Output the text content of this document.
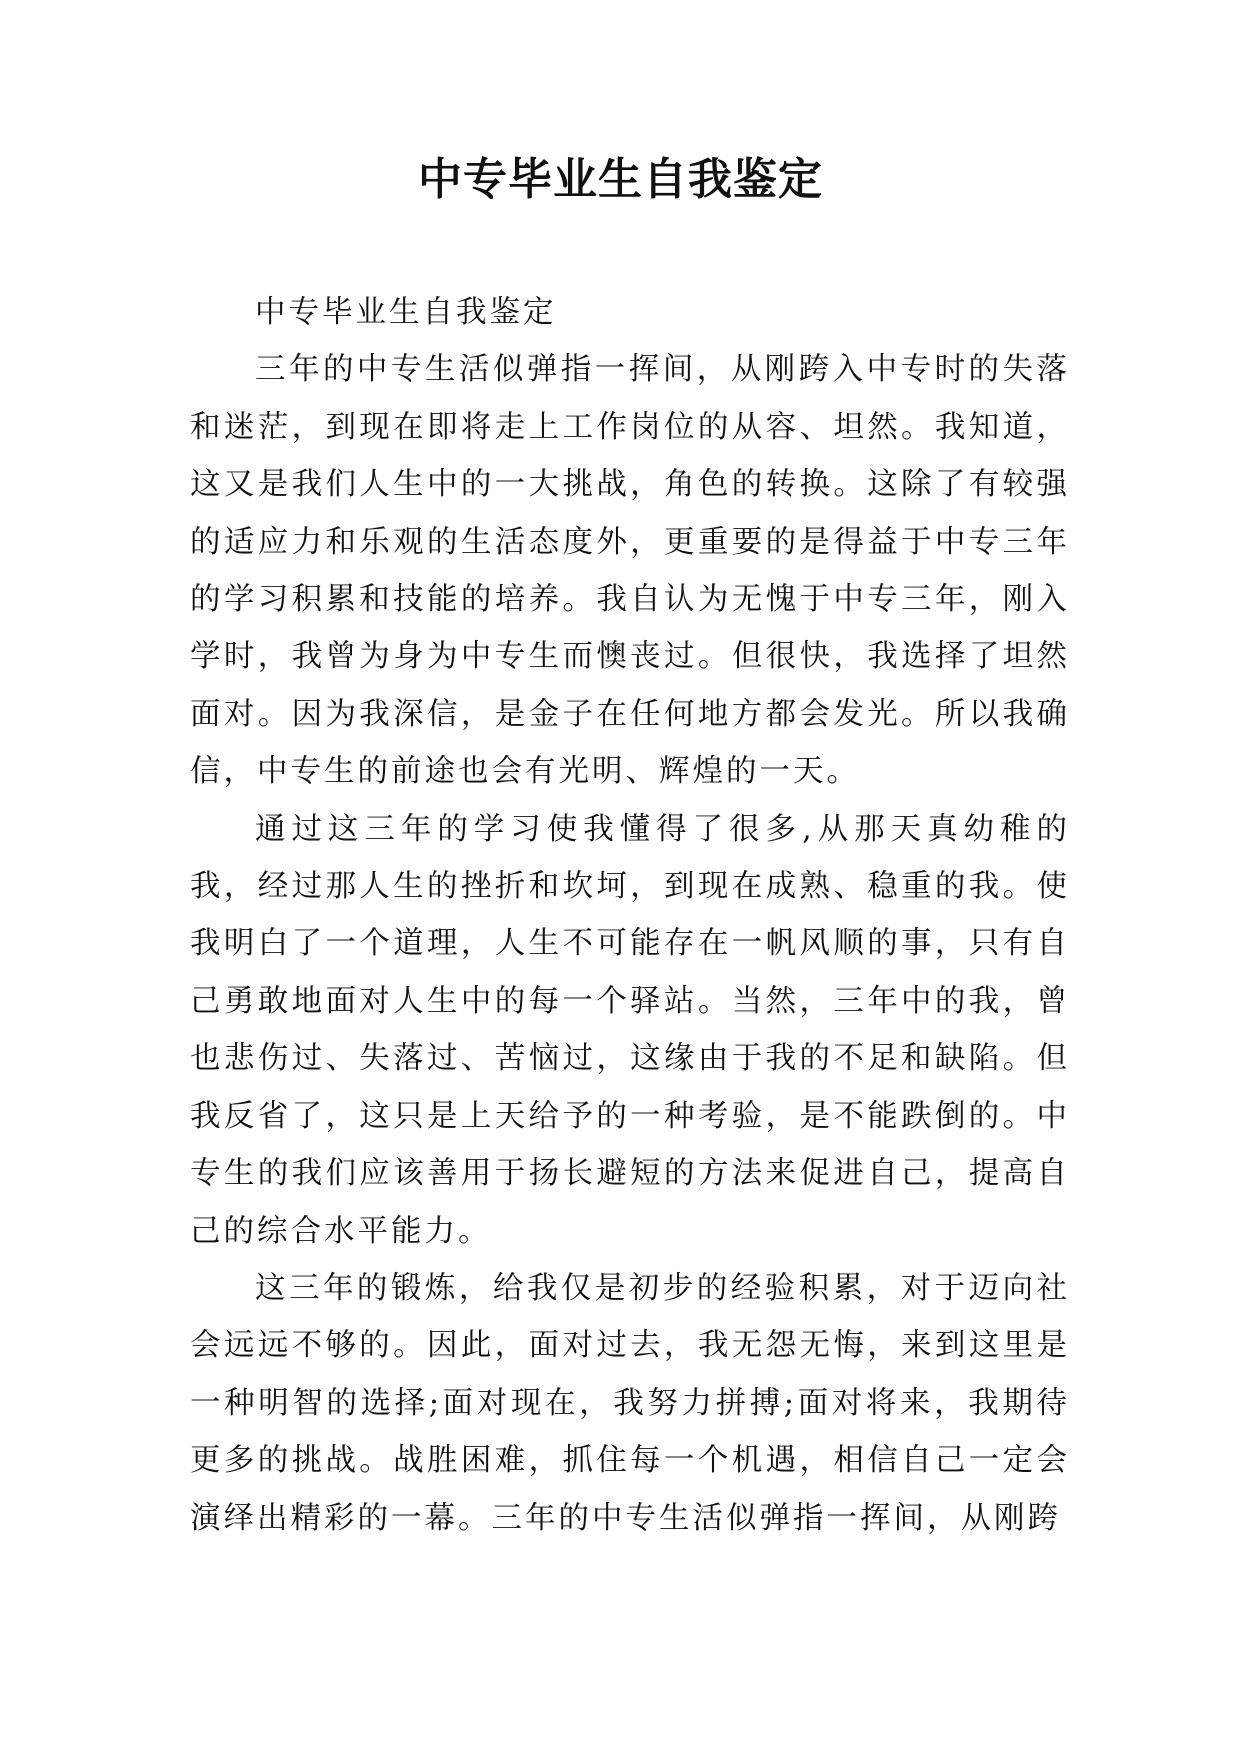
中专毕业生自我鉴定

中专毕业生自我鉴定

三年的中专生活似弹指一挥间，从刚跨入中专时的失落和迷茫，到现在即将走上工作岗位的从容、坦然。我知道，这又是我们人生中的一大挑战，角色的转换。这除了有较强的适应力和乐观的生活态度外，更重要的是得益于中专三年的学习积累和技能的培养。我自认为无愧于中专三年，刚入学时，我曾为身为中专生而懊丧过。但很快，我选择了坦然面对。因为我深信，是金子在任何地方都会发光。所以我确信，中专生的前途也会有光明、辉煌的一天。

通过这三年的学习使我懂得了很多,从那天真幼稚的我，经过那人生的挫折和坎坷，到现在成熟、稳重的我。使我明白了一个道理，人生不可能存在一帆风顺的事，只有自己勇敢地面对人生中的每一个驿站。当然，三年中的我，曾也悲伤过、失落过、苦恼过，这缘由于我的不足和缺陷。但我反省了，这只是上天给予的一种考验，是不能跌倒的。中专生的我们应该善用于扬长避短的方法来促进自己，提高自己的综合水平能力。

这三年的锻炼，给我仅是初步的经验积累，对于迈向社会远远不够的。因此，面对过去，我无怨无悔，来到这里是一种明智的选择;面对现在，我努力拼搏;面对将来，我期待更多的挑战。战胜困难，抓住每一个机遇，相信自己一定会演绎出精彩的一幕。三年的中专生活似弹指一挥间，从刚跨
